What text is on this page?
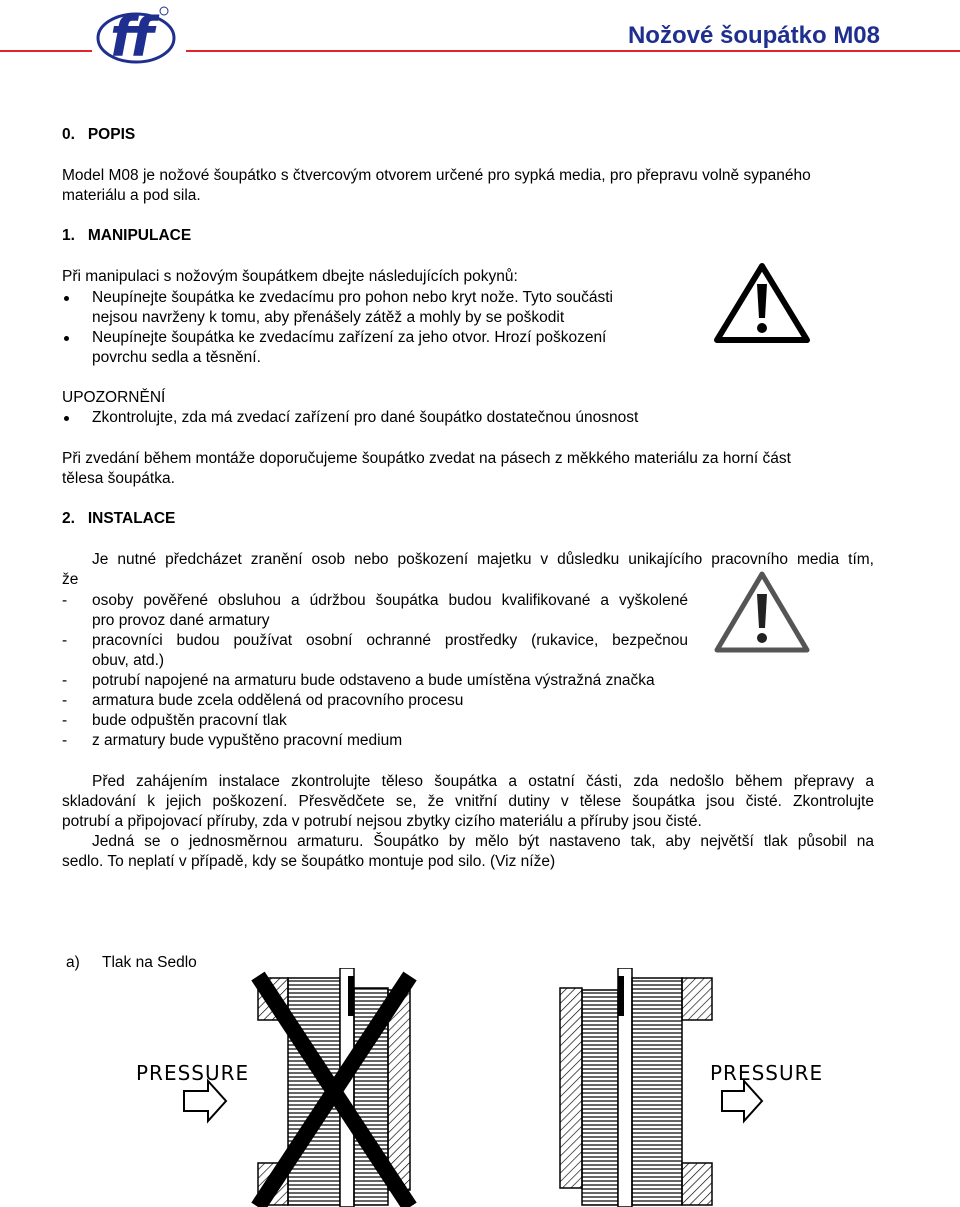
ff	Nožové šoupátko M08
0.   POPIS
Model M08 je nožové šoupátko s čtvercovým otvorem určené pro sypká media, pro přepravu volně sypaného
materiálu a pod sila.
1.   MANIPULACE
Při manipulaci s nožovým šoupátkem dbejte následujících pokynů:
Neupínejte šoupátka ke zvedacímu pro pohon nebo kryt nože. Tyto součásti
nejsou navrženy k tomu, aby přenášely zátěž a mohly by se poškodit
Neupínejte šoupátka ke zvedacímu zařízení za jeho otvor. Hrozí poškození
povrchu sedla a těsnění.
UPOZORNĚNÍ
Zkontrolujte, zda má zvedací zařízení pro dané šoupátko dostatečnou únosnost
Při zvedání během montáže doporučujeme šoupátko zvedat na pásech z měkkého materiálu za horní část
tělesa šoupátka.
2.   INSTALACE
Je nutné předcházet zranění osob nebo poškození majetku v důsledku unikajícího pracovního media tím,
že
- osoby pověřené obsluhou a údržbou šoupátka budou kvalifikované a vyškolené
pro provoz dané armatury
- pracovníci budou používat osobní ochranné prostředky (rukavice, bezpečnou
obuv, atd.)
- potrubí napojené na armaturu bude odstaveno a bude umístěna výstražná značka
- armatura bude zcela oddělená od pracovního procesu
- bude odpuštěn pracovní tlak
- z armatury bude vypuštěno pracovní medium
Před zahájením instalace zkontrolujte těleso šoupátka a ostatní části, zda nedošlo během přepravy a
skladování k jejich poškození. Přesvědčete se, že vnitřní dutiny v tělese šoupátka jsou čisté. Zkontrolujte
potrubí a připojovací příruby, zda v potrubí nejsou zbytky cizího materiálu a příruby jsou čisté.
Jedná se o jednosměrnou armaturu. Šoupátko by mělo být nastaveno tak, aby největší tlak působil na
sedlo. To neplatí v případě, kdy se šoupátko montuje pod silo. (Viz níže)
a) Tlak na Sedlo
PRESSURE	PRESSURE
